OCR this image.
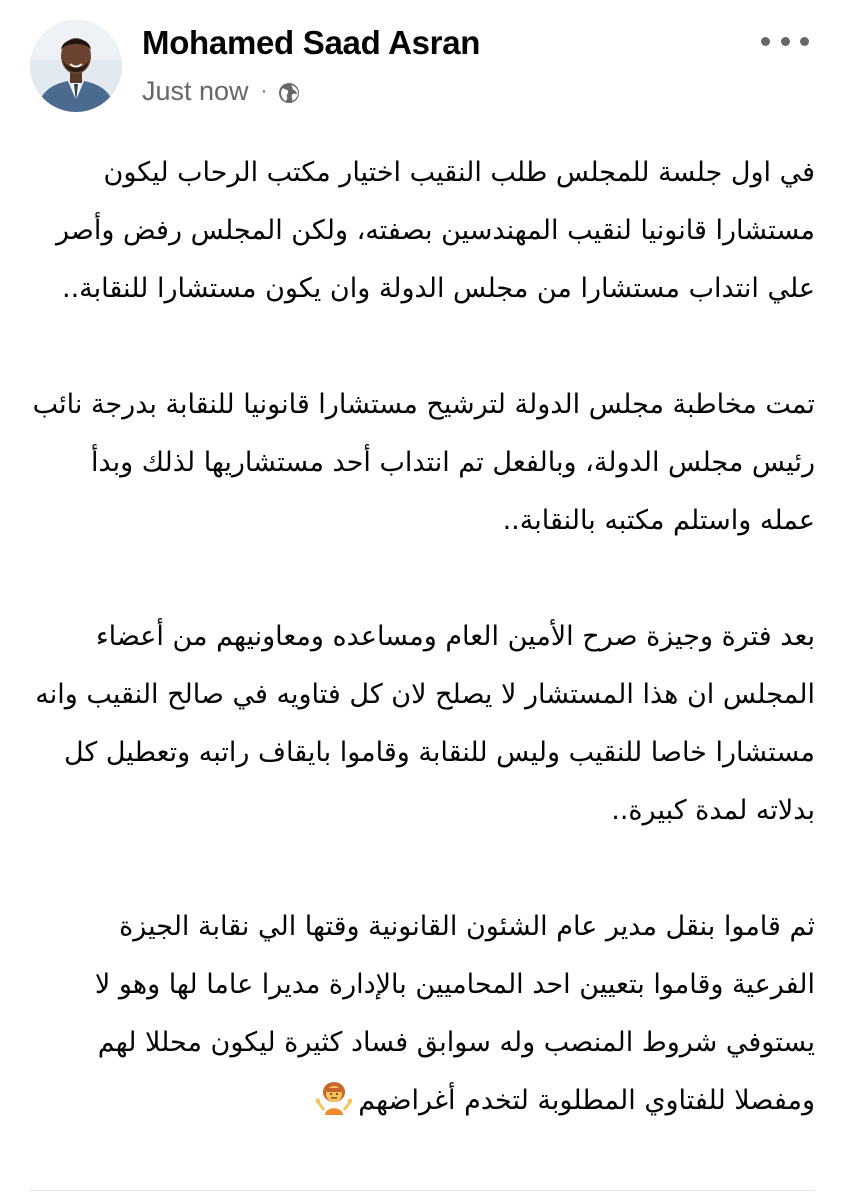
Mohamed Saad Asran
Just now ·

في اول جلسة للمجلس طلب النقيب اختيار مكتب الرحاب ليكون مستشارا قانونيا لنقيب المهندسين بصفته، ولكن المجلس رفض وأصر علي انتداب مستشارا من مجلس الدولة وان يكون مستشارا للنقابة..

تمت مخاطبة مجلس الدولة لترشيح مستشارا قانونيا للنقابة بدرجة نائب رئيس مجلس الدولة، وبالفعل تم انتداب أحد مستشاريها لذلك وبدأ عمله واستلم مكتبه بالنقابة..

بعد فترة وجيزة صرح الأمين العام ومساعده ومعاونيهم من أعضاء المجلس ان هذا المستشار لا يصلح لان كل فتاويه في صالح النقيب وانه مستشارا خاصا للنقيب وليس للنقابة وقاموا بايقاف راتبه وتعطيل كل بدلاته لمدة كبيرة..

ثم قاموا بنقل مدير عام الشئون القانونية وقتها الي نقابة الجيزة الفرعية وقاموا بتعيين احد المحاميين بالإدارة مديرا عاما لها وهو لا يستوفي شروط المنصب وله سوابق فساد كثيرة ليكون محللا لهم ومفصلا للفتاوي المطلوبة لتخدم أغراضهم
